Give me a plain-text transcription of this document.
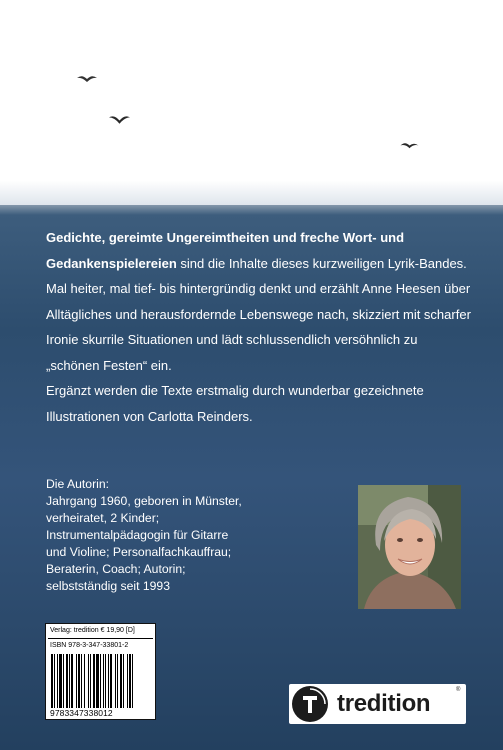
Gedichte, gereimte Ungereimtheiten und freche Wort- und Gedankenspielereien sind die Inhalte dieses kurzweiligen Lyrik-Bandes.

Mal heiter, mal tief- bis hintergründig denkt und erzählt Anne Heesen über Alltägliches und herausfordernde Lebenswege nach, skizziert mit scharfer Ironie skurrile Situationen und lädt schlussendlich versöhnlich zu „schönen Festen“ ein.

Ergänzt werden die Texte erstmalig durch wunderbar gezeichnete Illustrationen von Carlotta Reinders.

Die Autorin:
Jahrgang 1960, geboren in Münster,
verheiratet, 2 Kinder;
Instrumentalpädagogin für Gitarre
und Violine; Personalfachkauffrau;
Beraterin, Coach; Autorin;
selbstständig seit 1993
Verlag: tredition € 19,90 [D]
ISBN 978-3-347-33801-2
9783347338012	tredition	®
